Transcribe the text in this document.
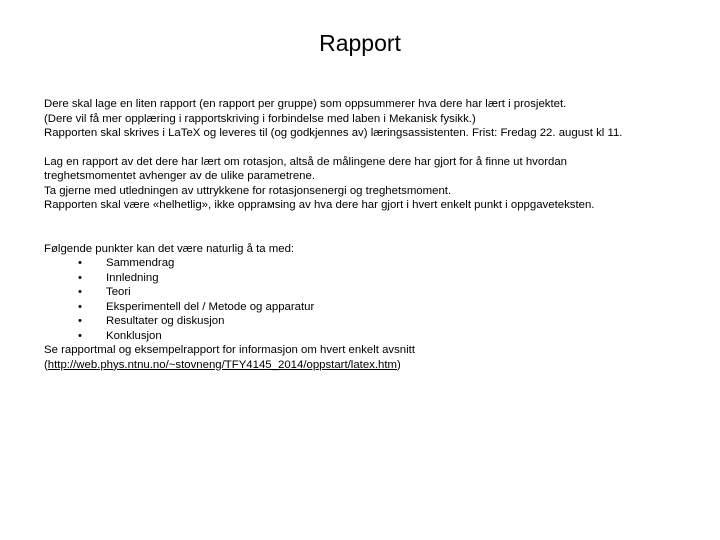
Rapport

Dere skal lage en liten rapport (en rapport per gruppe) som oppsummerer hva dere har lært i prosjektet.

(Dere vil få mer opplæring i rapportskriving i forbindelse med laben i Mekanisk fysikk.)

Rapporten skal skrives i LaTeX og leveres til (og godkjennes av) læringsassistenten. Frist: Fredag 22. august kl 11.

Lag en rapport av det dere har lært om rotasjon, altså de målingene dere har gjort for å finne ut hvordan

treghetsmomentet avhenger av de ulike parametrene.

Ta gjerne med utledningen av uttrykkene for rotasjonsenergi og treghetsmoment.

Rapporten skal være «helhetlig», ikke opprамsing av hva dere har gjort i hvert enkelt punkt i oppgaveteksten.

Følgende punkter kan det være naturlig å ta med:

• Sammendrag
• Innledning
• Teori
• Eksperimentell del / Metode og apparatur
• Resultater og diskusjon
• Konklusjon

Se rapportmal og eksempelrapport for informasjon om hvert enkelt avsnitt

(http://web.phys.ntnu.no/~stovneng/TFY4145_2014/oppstart/latex.htm)
